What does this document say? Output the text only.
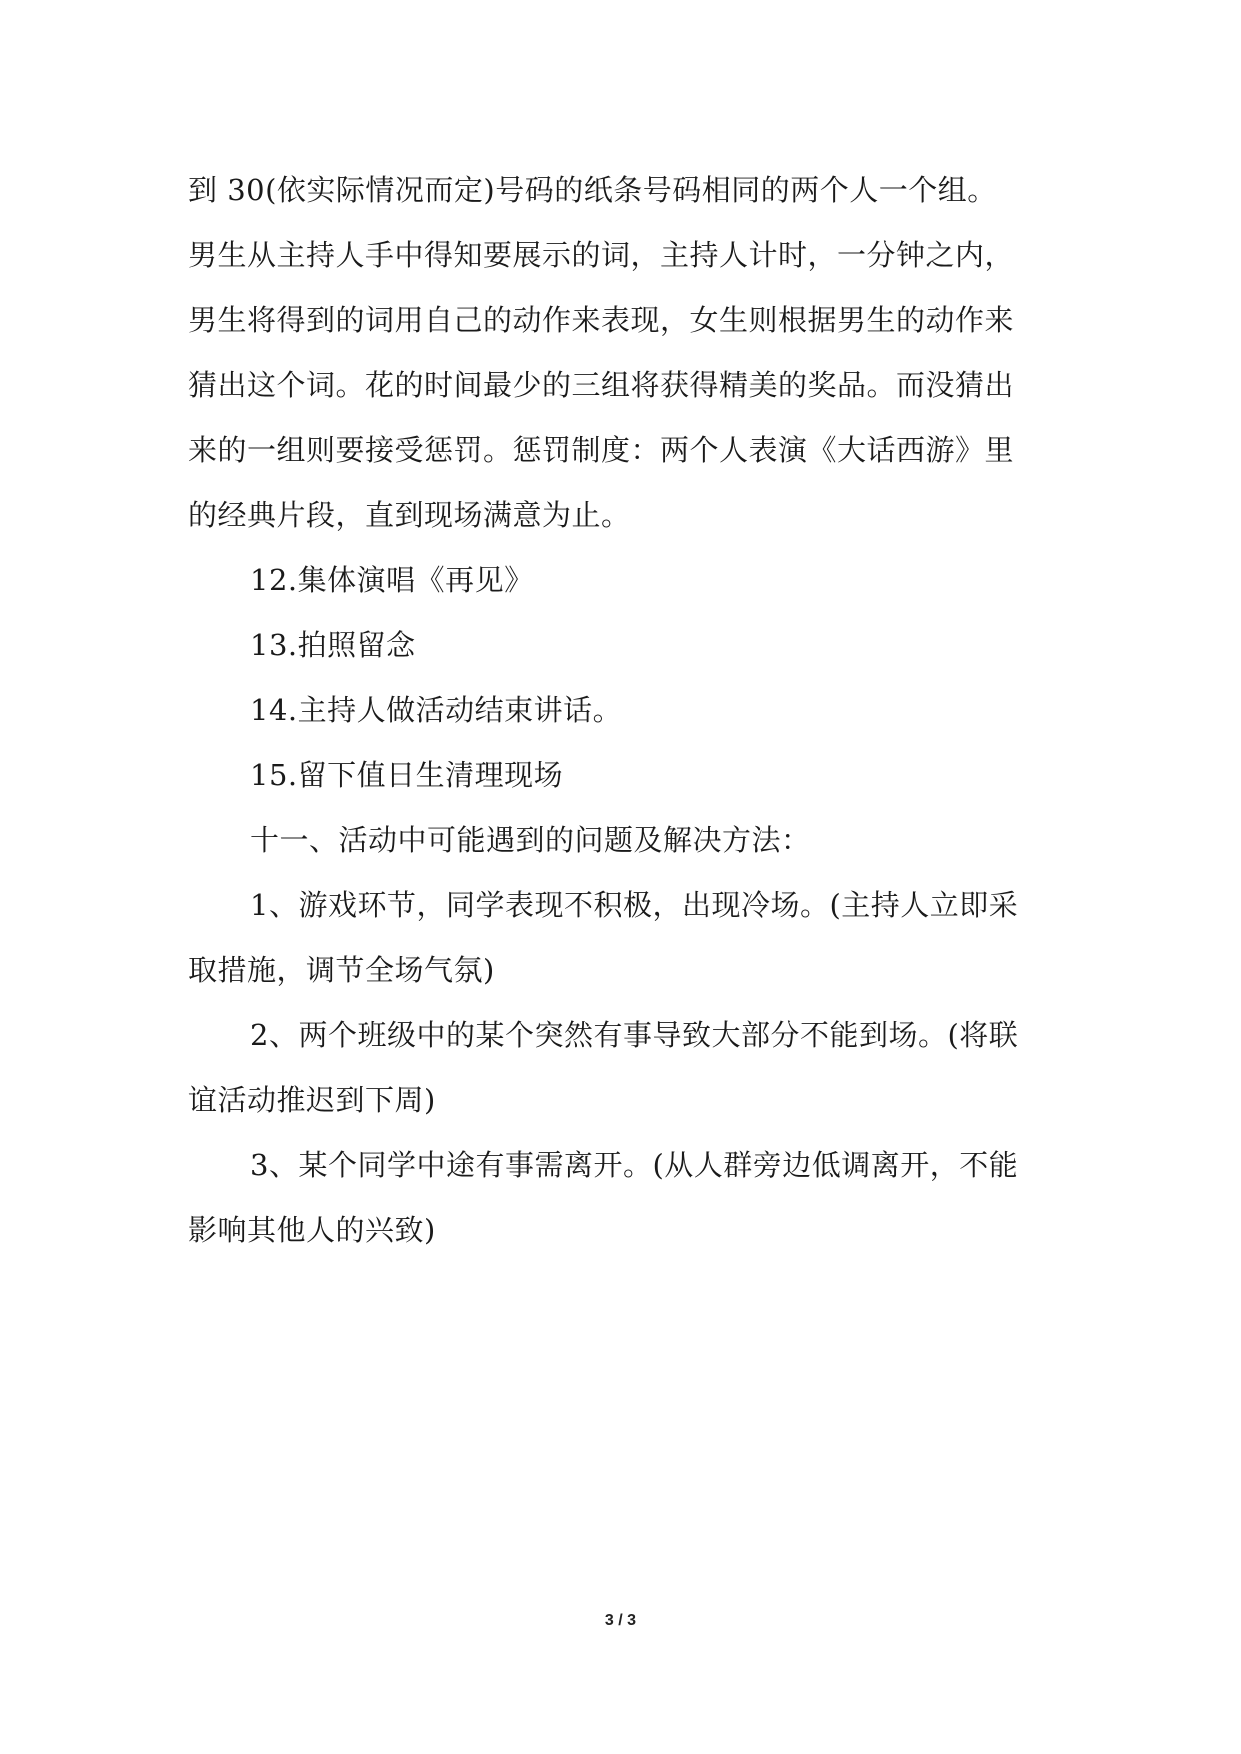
到 30(依实际情况而定)号码的纸条号码相同的两个人一个组。
男生从主持人手中得知要展示的词，主持人计时，一分钟之内，
男生将得到的词用自己的动作来表现，女生则根据男生的动作来
猜出这个词。花的时间最少的三组将获得精美的奖品。而没猜出
来的一组则要接受惩罚。惩罚制度：两个人表演《大话西游》里
的经典片段，直到现场满意为止。
12.集体演唱《再见》
13.拍照留念
14.主持人做活动结束讲话。
15.留下值日生清理现场
十一、活动中可能遇到的问题及解决方法：
1、游戏环节，同学表现不积极，出现冷场。(主持人立即采
取措施，调节全场气氛)
2、两个班级中的某个突然有事导致大部分不能到场。(将联
谊活动推迟到下周)
3、某个同学中途有事需离开。(从人群旁边低调离开，不能
影响其他人的兴致)
3 / 3
